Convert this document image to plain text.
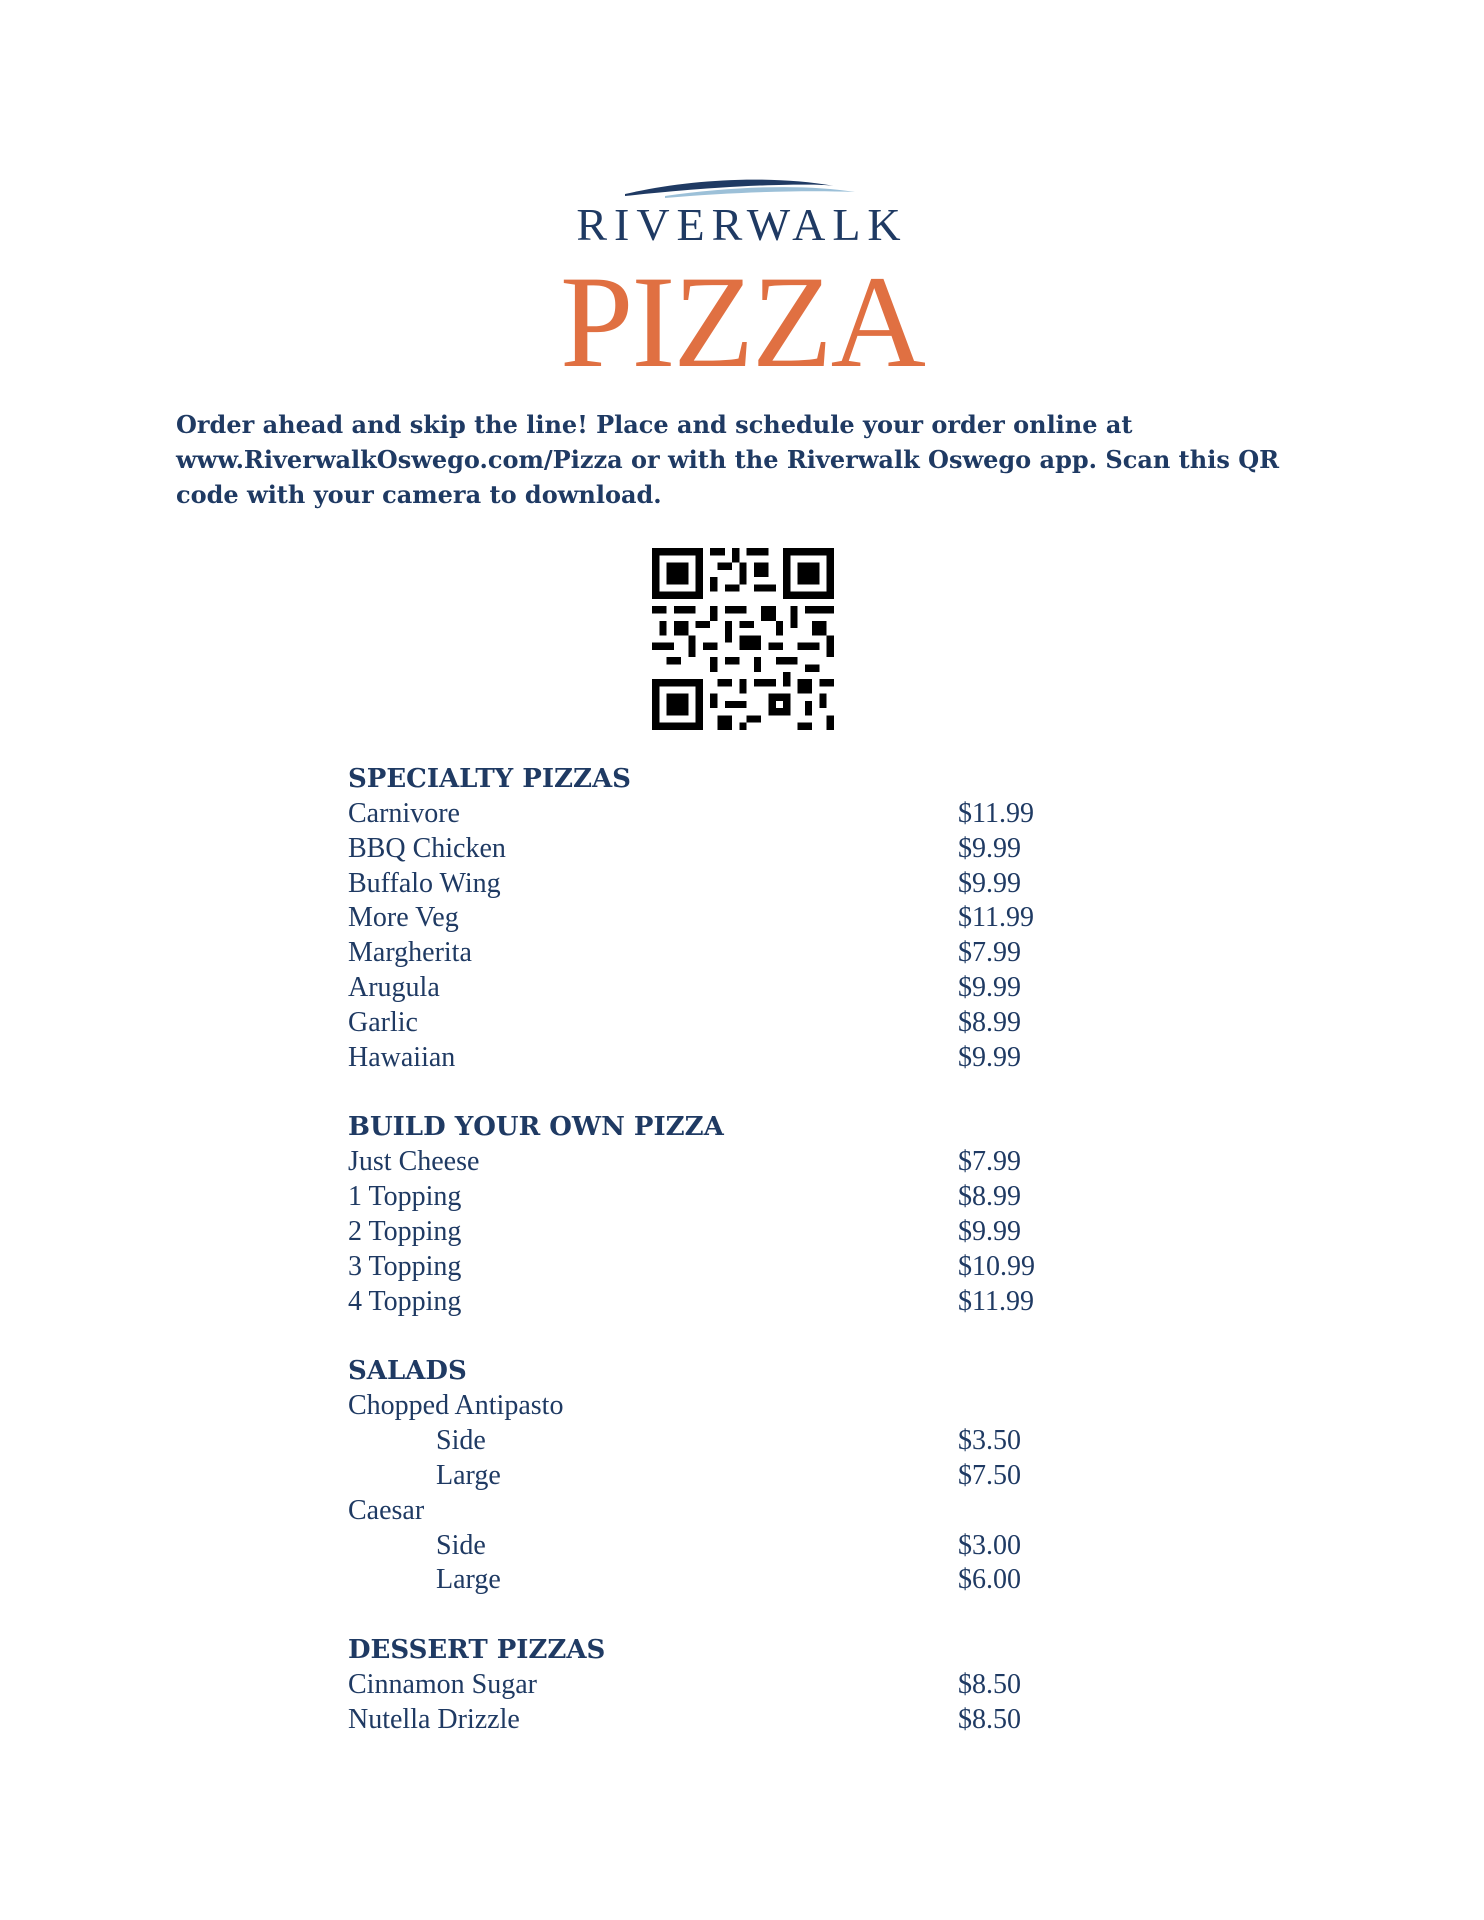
RIVERWALK
PIZZA
Order ahead and skip the line! Place and schedule your order online at www.RiverwalkOswego.com/Pizza or with the Riverwalk Oswego app. Scan this QR code with your camera to download.
SPECIALTY PIZZAS
Carnivore	$11.99
BBQ Chicken	$9.99
Buffalo Wing	$9.99
More Veg	$11.99
Margherita	$7.99
Arugula	$9.99
Garlic	$8.99
Hawaiian	$9.99
BUILD YOUR OWN PIZZA
Just Cheese	$7.99
1 Topping	$8.99
2 Topping	$9.99
3 Topping	$10.99
4 Topping	$11.99
SALADS
Chopped Antipasto
Side	$3.50
Large	$7.50
Caesar
Side	$3.00
Large	$6.00
DESSERT PIZZAS
Cinnamon Sugar	$8.50
Nutella Drizzle	$8.50
